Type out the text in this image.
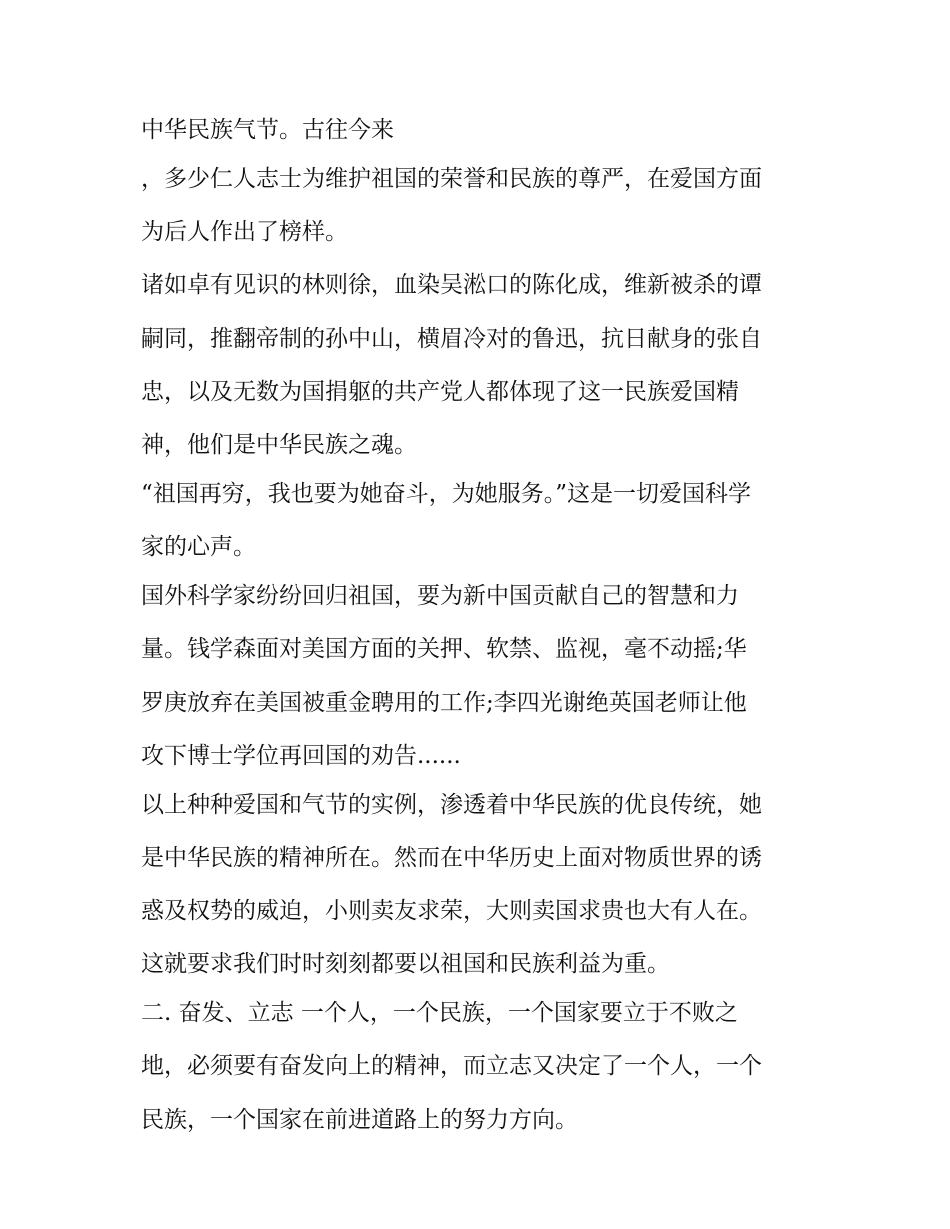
中华民族气节。古往今来
，多少仁人志士为维护祖国的荣誉和民族的尊严，在爱国方面
为后人作出了榜样。
诸如卓有见识的林则徐，血染吴淞口的陈化成，维新被杀的谭
嗣同，推翻帝制的孙中山，横眉冷对的鲁迅，抗日献身的张自
忠，以及无数为国捐躯的共产党人都体现了这一民族爱国精
神，他们是中华民族之魂。
“祖国再穷，我也要为她奋斗，为她服务。”这是一切爱国科学
家的心声。
国外科学家纷纷回归祖国，要为新中国贡献自己的智慧和力
量。钱学森面对美国方面的关押、软禁、监视，毫不动摇;华
罗庚放弃在美国被重金聘用的工作;李四光谢绝英国老师让他
攻下博士学位再回国的劝告......
以上种种爱国和气节的实例，渗透着中华民族的优良传统，她
是中华民族的精神所在。然而在中华历史上面对物质世界的诱
惑及权势的威迫，小则卖友求荣，大则卖国求贵也大有人在。
这就要求我们时时刻刻都要以祖国和民族利益为重。
二. 奋发、立志 一个人，一个民族，一个国家要立于不败之
地，必须要有奋发向上的精神，而立志又决定了一个人，一个
民族，一个国家在前进道路上的努力方向。
